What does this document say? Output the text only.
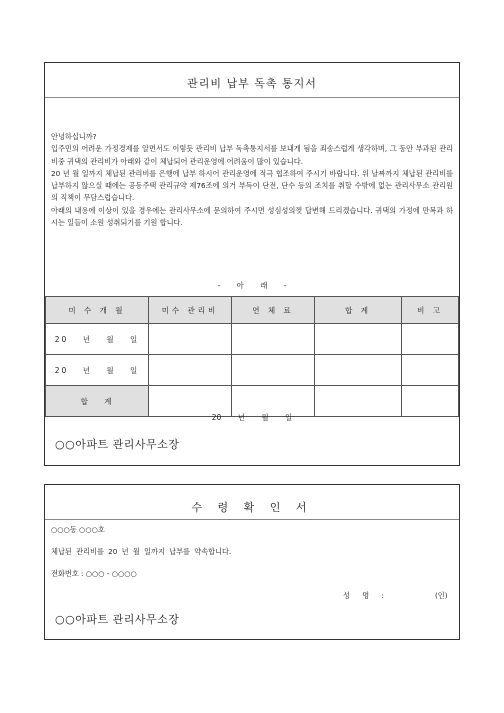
관리비 납부 독촉 통지서

안녕하십니까?

입주민의 어려운 가정경제를 알면서도 이렇듯 관리비 납부 독촉통지서를 보내게 됨을 죄송스럽게 생각하며, 그 동안 부과된 관리비중 귀댁의 관리비가 아래와 같이 체납되어 관리운영에 어려움이 많이 있습니다.

20 년 월 일까지 체납된 관리비를 은행에 납부 하시어 관리운영에 적극 협조하여 주시기 바랍니다. 위 날짜까지 체납된 관리비를 납부하지 않으실 때에는 공동주택 관리규약 제76조에 의거 부득이 단전, 단수 등의 조치를 취할 수밖에 없는 관리사무소 관리원의 직책이 무담스럽습니다.

아래의 내용에 이상이 있을 경우에는 관리사무소에 문의하여 주시면 성심성의껏 답변해 드리겠습니다. 귀댁의 가정에 만복과 하시는 일들이 소원 성취되기를 기원 합니다.

- 아 래 -
미 수 개 월	미수 관리비	연 체 료	합 계	비 고
20 년 월 일				
20 년 월 일				
합 계				
20 년 월 일
○○아파트 관리사무소장
수 령 확 인 서
○○○동 ○○○호
체납된 관리비를 20 년 월 일까지 납부를 약속합니다.
전화번호 : ○○○ - ○○○○
성 명 :	(인)
○○아파트 관리사무소장
